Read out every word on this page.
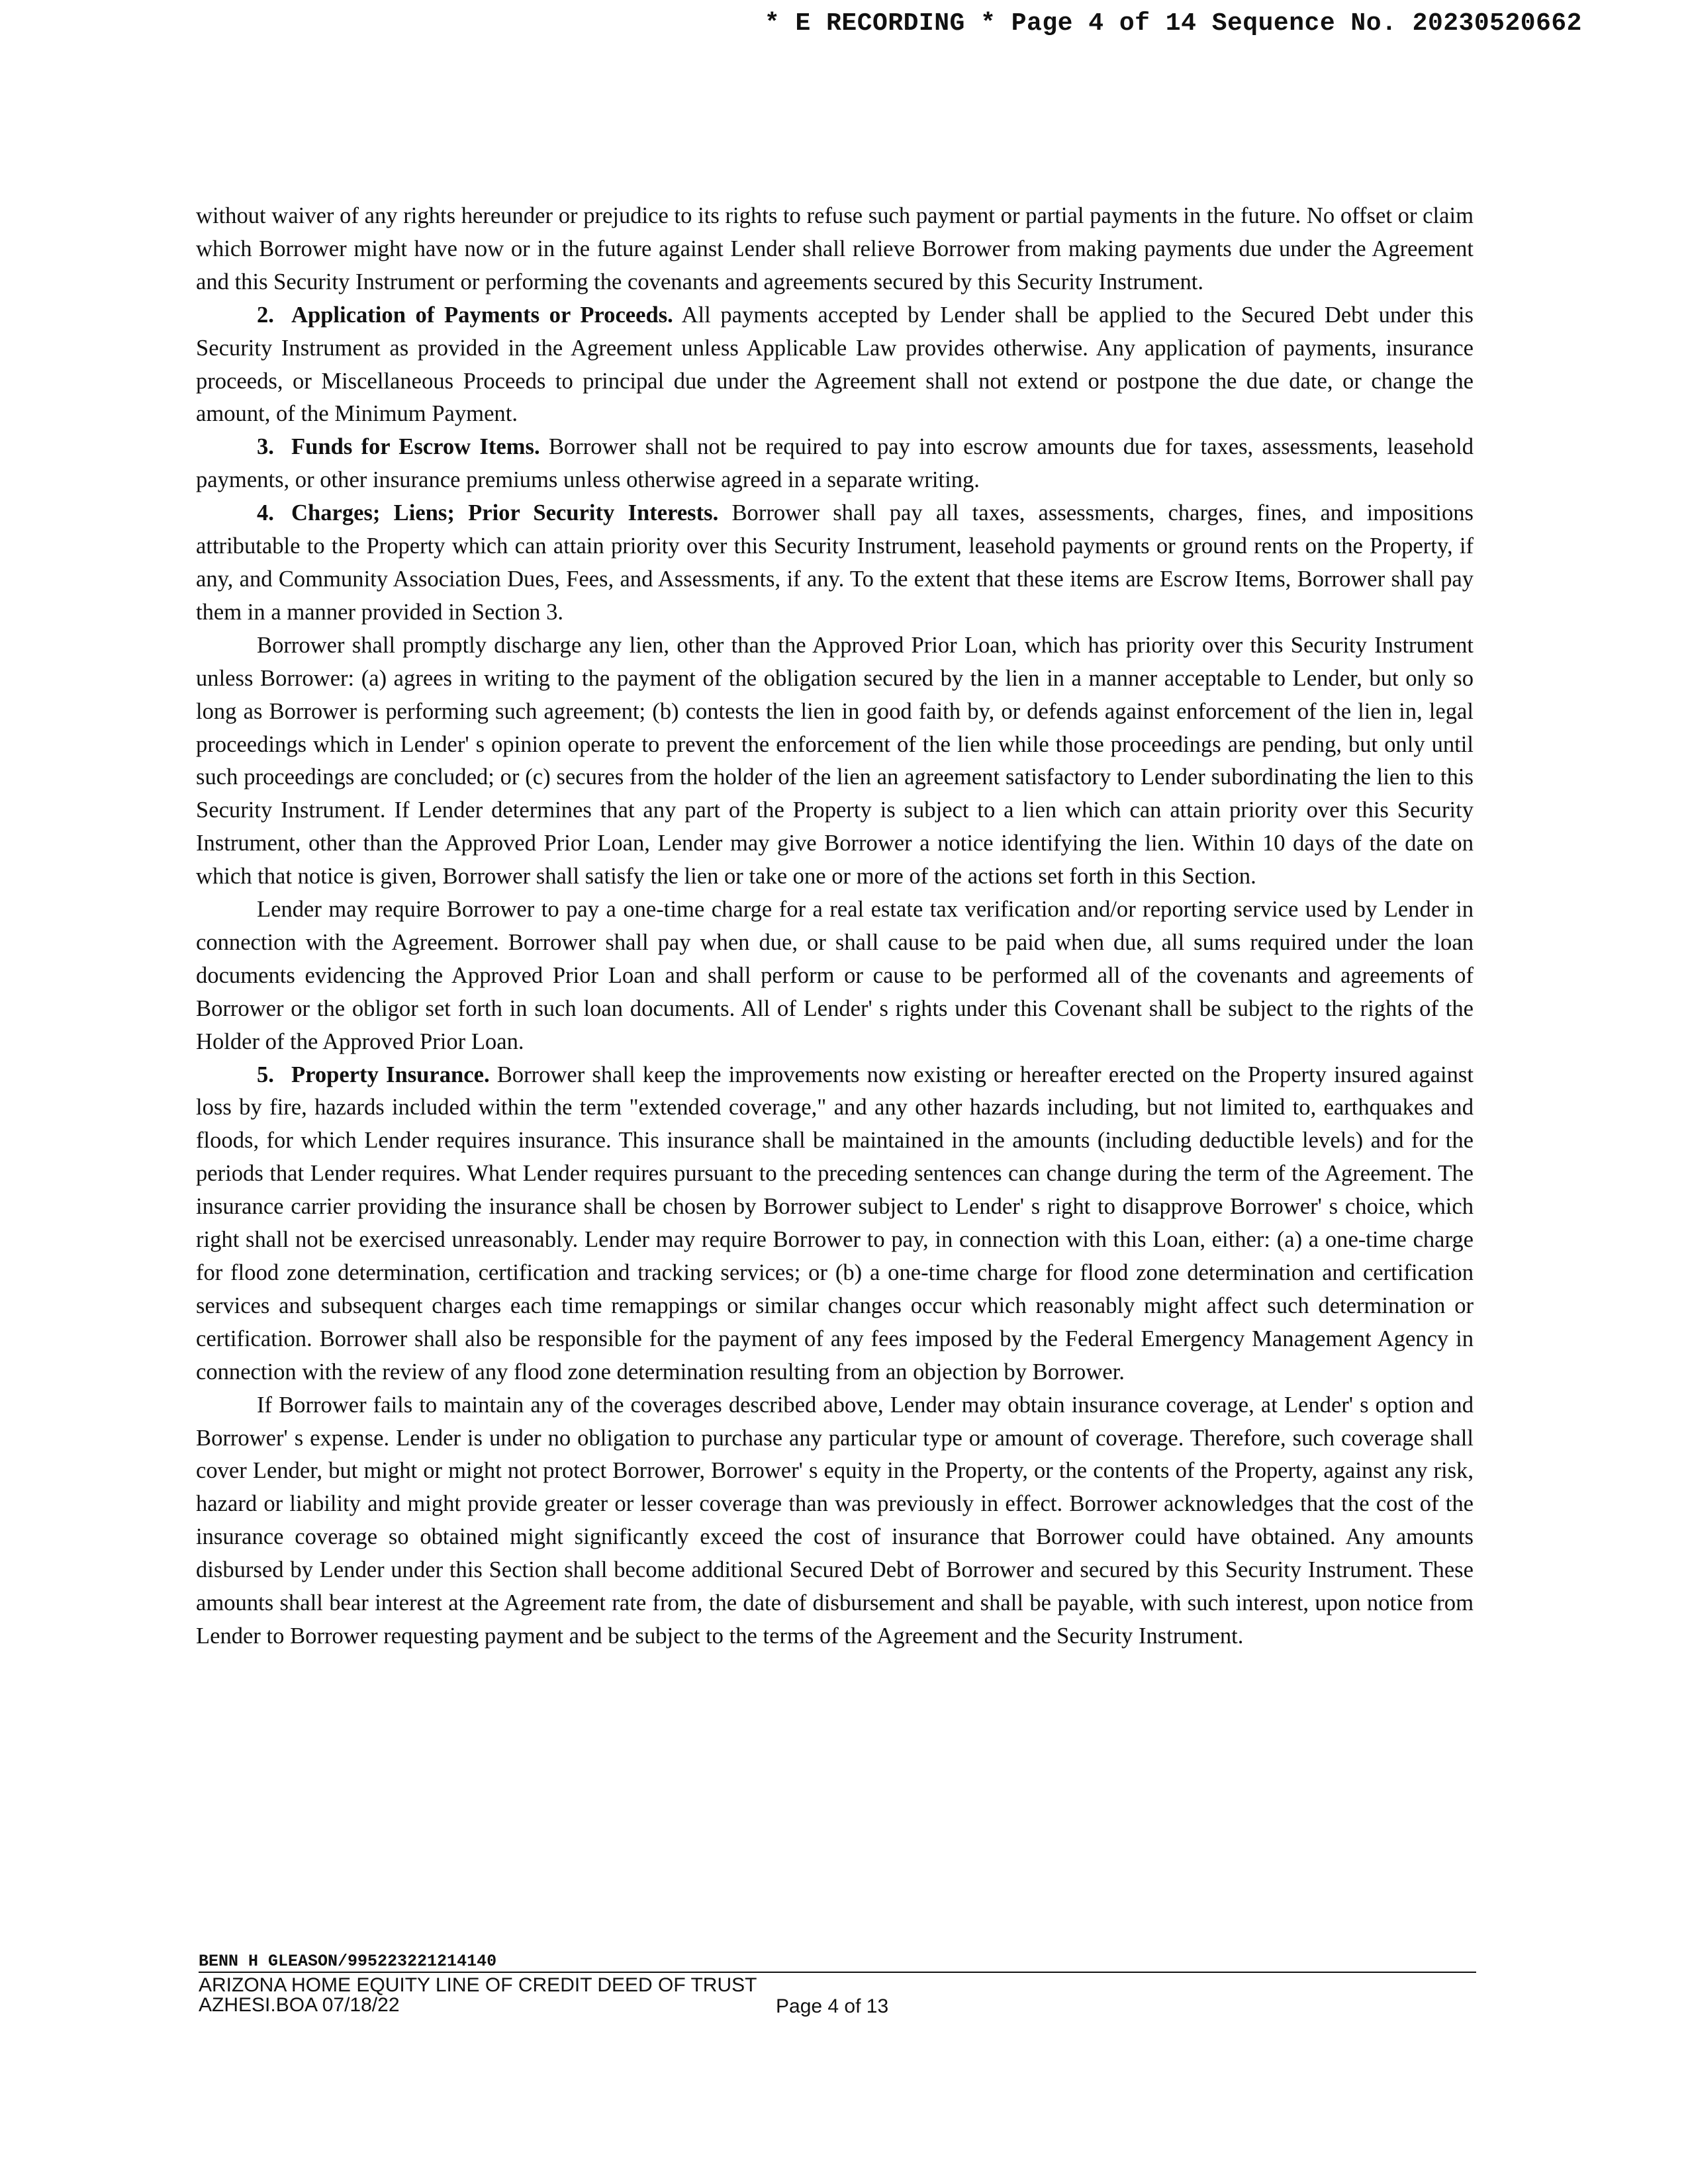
* E RECORDING * Page 4 of 14 Sequence No. 20230520662

without waiver of any rights hereunder or prejudice to its rights to refuse such payment or partial payments in the future. No offset or claim which Borrower might have now or in the future against Lender shall relieve Borrower from making payments due under the Agreement and this Security Instrument or performing the covenants and agreements secured by this Security Instrument.

2. Application of Payments or Proceeds. All payments accepted by Lender shall be applied to the Secured Debt under this Security Instrument as provided in the Agreement unless Applicable Law provides otherwise. Any application of payments, insurance proceeds, or Miscellaneous Proceeds to principal due under the Agreement shall not extend or postpone the due date, or change the amount, of the Minimum Payment.

3. Funds for Escrow Items. Borrower shall not be required to pay into escrow amounts due for taxes, assessments, leasehold payments, or other insurance premiums unless otherwise agreed in a separate writing.

4. Charges; Liens; Prior Security Interests. Borrower shall pay all taxes, assessments, charges, fines, and impositions attributable to the Property which can attain priority over this Security Instrument, leasehold payments or ground rents on the Property, if any, and Community Association Dues, Fees, and Assessments, if any. To the extent that these items are Escrow Items, Borrower shall pay them in a manner provided in Section 3.

Borrower shall promptly discharge any lien, other than the Approved Prior Loan, which has priority over this Security Instrument unless Borrower: (a) agrees in writing to the payment of the obligation secured by the lien in a manner acceptable to Lender, but only so long as Borrower is performing such agreement; (b) contests the lien in good faith by, or defends against enforcement of the lien in, legal proceedings which in Lender' s opinion operate to prevent the enforcement of the lien while those proceedings are pending, but only until such proceedings are concluded; or (c) secures from the holder of the lien an agreement satisfactory to Lender subordinating the lien to this Security Instrument. If Lender determines that any part of the Property is subject to a lien which can attain priority over this Security Instrument, other than the Approved Prior Loan, Lender may give Borrower a notice identifying the lien. Within 10 days of the date on which that notice is given, Borrower shall satisfy the lien or take one or more of the actions set forth in this Section.

Lender may require Borrower to pay a one-time charge for a real estate tax verification and/or reporting service used by Lender in connection with the Agreement. Borrower shall pay when due, or shall cause to be paid when due, all sums required under the loan documents evidencing the Approved Prior Loan and shall perform or cause to be performed all of the covenants and agreements of Borrower or the obligor set forth in such loan documents. All of Lender' s rights under this Covenant shall be subject to the rights of the Holder of the Approved Prior Loan.

5. Property Insurance. Borrower shall keep the improvements now existing or hereafter erected on the Property insured against loss by fire, hazards included within the term "extended coverage," and any other hazards including, but not limited to, earthquakes and floods, for which Lender requires insurance. This insurance shall be maintained in the amounts (including deductible levels) and for the periods that Lender requires. What Lender requires pursuant to the preceding sentences can change during the term of the Agreement. The insurance carrier providing the insurance shall be chosen by Borrower subject to Lender' s right to disapprove Borrower' s choice, which right shall not be exercised unreasonably. Lender may require Borrower to pay, in connection with this Loan, either: (a) a one-time charge for flood zone determination, certification and tracking services; or (b) a one-time charge for flood zone determination and certification services and subsequent charges each time remappings or similar changes occur which reasonably might affect such determination or certification. Borrower shall also be responsible for the payment of any fees imposed by the Federal Emergency Management Agency in connection with the review of any flood zone determination resulting from an objection by Borrower.

If Borrower fails to maintain any of the coverages described above, Lender may obtain insurance coverage, at Lender' s option and Borrower' s expense. Lender is under no obligation to purchase any particular type or amount of coverage. Therefore, such coverage shall cover Lender, but might or might not protect Borrower, Borrower' s equity in the Property, or the contents of the Property, against any risk, hazard or liability and might provide greater or lesser coverage than was previously in effect. Borrower acknowledges that the cost of the insurance coverage so obtained might significantly exceed the cost of insurance that Borrower could have obtained. Any amounts disbursed by Lender under this Section shall become additional Secured Debt of Borrower and secured by this Security Instrument. These amounts shall bear interest at the Agreement rate from, the date of disbursement and shall be payable, with such interest, upon notice from Lender to Borrower requesting payment and be subject to the terms of the Agreement and the Security Instrument.

BENN H GLEASON/995223221214140
ARIZONA HOME EQUITY LINE OF CREDIT DEED OF TRUST
AZHESI.BOA 07/18/22	Page 4 of 13
